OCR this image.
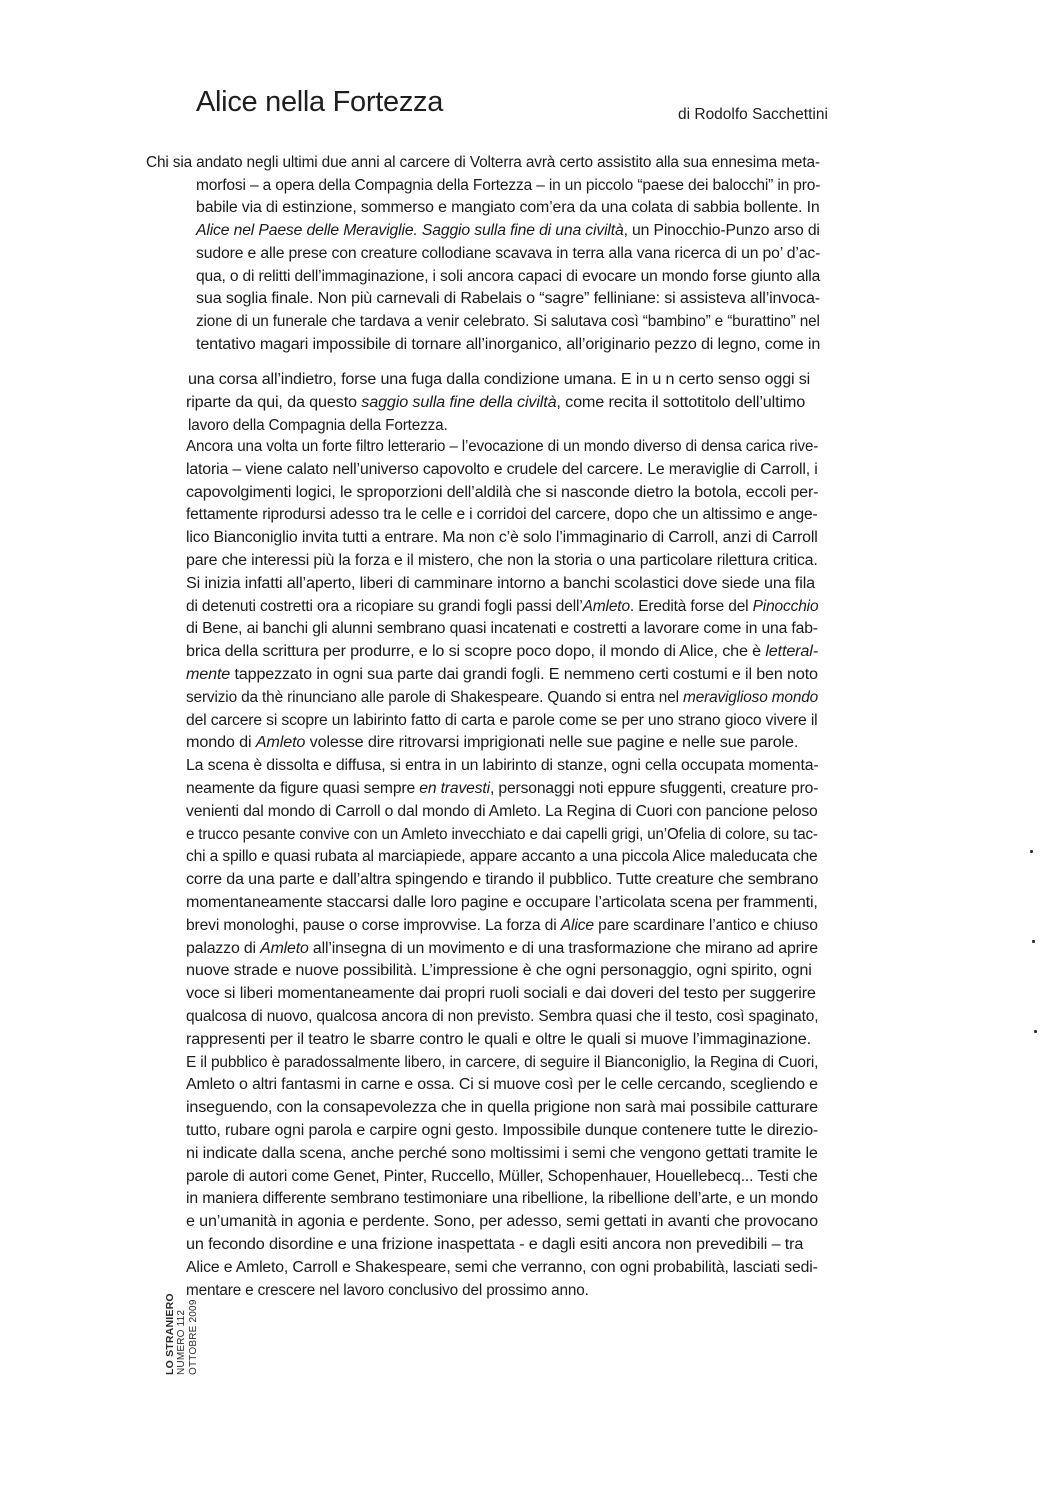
Alice nella Fortezza	di Rodolfo Sacchettini
Chi sia andato negli ultimi due anni al carcere di Volterra avrà certo assistito alla sua ennesima meta-
morfosi – a opera della Compagnia della Fortezza – in un piccolo “paese dei balocchi” in pro-
babile via di estinzione, sommerso e mangiato com’era da una colata di sabbia bollente. In
Alice nel Paese delle Meraviglie. Saggio sulla fine di una civiltà, un Pinocchio-Punzo arso di
sudore e alle prese con creature collodiane scavava in terra alla vana ricerca di un po’ d’ac-
qua, o di relitti dell’immaginazione, i soli ancora capaci di evocare un mondo forse giunto alla
sua soglia finale. Non più carnevali di Rabelais o “sagre” felliniane: si assisteva all’invoca-
zione di un funerale che tardava a venir celebrato. Si salutava così “bambino” e “burattino” nel
tentativo magari impossibile di tornare all’inorganico, all’originario pezzo di legno, come in
una corsa all’indietro, forse una fuga dalla condizione umana. E in u n certo senso oggi si
riparte da qui, da questo saggio sulla fine della civiltà, come recita il sottotitolo dell’ultimo
lavoro della Compagnia della Fortezza.
Ancora una volta un forte filtro letterario – l’evocazione di un mondo diverso di densa carica rive-
latoria – viene calato nell’universo capovolto e crudele del carcere. Le meraviglie di Carroll, i
capovolgimenti logici, le sproporzioni dell’aldilà che si nasconde dietro la botola, eccoli per-
fettamente riprodursi adesso tra le celle e i corridoi del carcere, dopo che un altissimo e ange-
lico Bianconiglio invita tutti a entrare. Ma non c’è solo l’immaginario di Carroll, anzi di Carroll
pare che interessi più la forza e il mistero, che non la storia o una particolare rilettura critica.
Si inizia infatti all’aperto, liberi di camminare intorno a banchi scolastici dove siede una fila
di detenuti costretti ora a ricopiare su grandi fogli passi dell’Amleto. Eredità forse del Pinocchio
di Bene, ai banchi gli alunni sembrano quasi incatenati e costretti a lavorare come in una fab-
brica della scrittura per produrre, e lo si scopre poco dopo, il mondo di Alice, che è letteral-
mente tappezzato in ogni sua parte dai grandi fogli. E nemmeno certi costumi e il ben noto
servizio da thè rinunciano alle parole di Shakespeare. Quando si entra nel meraviglioso mondo
del carcere si scopre un labirinto fatto di carta e parole come se per uno strano gioco vivere il
mondo di Amleto volesse dire ritrovarsi imprigionati nelle sue pagine e nelle sue parole.
La scena è dissolta e diffusa, si entra in un labirinto di stanze, ogni cella occupata momenta-
neamente da figure quasi sempre en travesti, personaggi noti eppure sfuggenti, creature pro-
venienti dal mondo di Carroll o dal mondo di Amleto. La Regina di Cuori con pancione peloso
e trucco pesante convive con un Amleto invecchiato e dai capelli grigi, un’Ofelia di colore, su tac-
chi a spillo e quasi rubata al marciapiede, appare accanto a una piccola Alice maleducata che
corre da una parte e dall’altra spingendo e tirando il pubblico. Tutte creature che sembrano
momentaneamente staccarsi dalle loro pagine e occupare l’articolata scena per frammenti,
brevi monologhi, pause o corse improvvise. La forza di Alice pare scardinare l’antico e chiuso
palazzo di Amleto all’insegna di un movimento e di una trasformazione che mirano ad aprire
nuove strade e nuove possibilità. L’impressione è che ogni personaggio, ogni spirito, ogni
voce si liberi momentaneamente dai propri ruoli sociali e dai doveri del testo per suggerire
qualcosa di nuovo, qualcosa ancora di non previsto. Sembra quasi che il testo, così spaginato,
rappresenti per il teatro le sbarre contro le quali e oltre le quali si muove l’immaginazione.
E il pubblico è paradossalmente libero, in carcere, di seguire il Bianconiglio, la Regina di Cuori,
Amleto o altri fantasmi in carne e ossa. Ci si muove così per le celle cercando, scegliendo e
inseguendo, con la consapevolezza che in quella prigione non sarà mai possibile catturare
tutto, rubare ogni parola e carpire ogni gesto. Impossibile dunque contenere tutte le direzio-
ni indicate dalla scena, anche perché sono moltissimi i semi che vengono gettati tramite le
parole di autori come Genet, Pinter, Ruccello, Müller, Schopenhauer, Houellebecq... Testi che
in maniera differente sembrano testimoniare una ribellione, la ribellione dell’arte, e un mondo
e un’umanità in agonia e perdente. Sono, per adesso, semi gettati in avanti che provocano
un fecondo disordine e una frizione inaspettata - e dagli esiti ancora non prevedibili – tra
Alice e Amleto, Carroll e Shakespeare, semi che verranno, con ogni probabilità, lasciati sedi-
mentare e crescere nel lavoro conclusivo del prossimo anno.
LO STRANIERO NUMERO 112 OTTOBRE 2009
